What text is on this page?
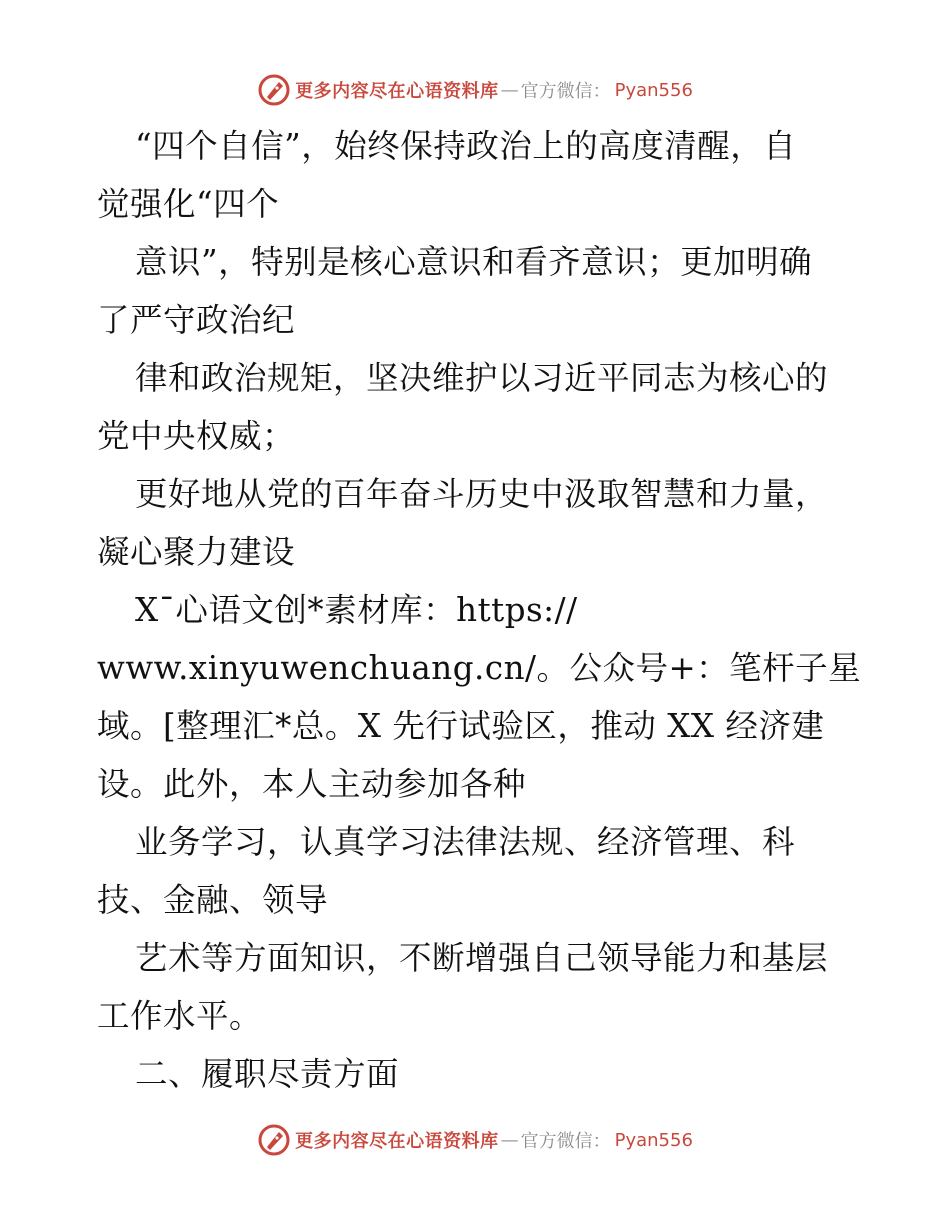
更多内容尽在心语资料库 — 官方微信： Pyan556
“四个自信”，始终保持政治上的高度清醒，自
觉强化“四个
意识”，特别是核心意识和看齐意识；更加明确
了严守政治纪
律和政治规矩，坚决维护以习近平同志为核心的
党中央权威；
更好地从党的百年奋斗历史中汲取智慧和力量，
凝心聚力建设
X¯心语文创*素材库：https://
www.xinyuwenchuang.cn/。公众号+：笔杆子星
域。[整理汇*总。X 先行试验区，推动 XX 经济建
设。此外，本人主动参加各种
业务学习，认真学习法律法规、经济管理、科
技、金融、领导
艺术等方面知识，不断增强自己领导能力和基层
工作水平。
二、履职尽责方面
更多内容尽在心语资料库 — 官方微信： Pyan556
